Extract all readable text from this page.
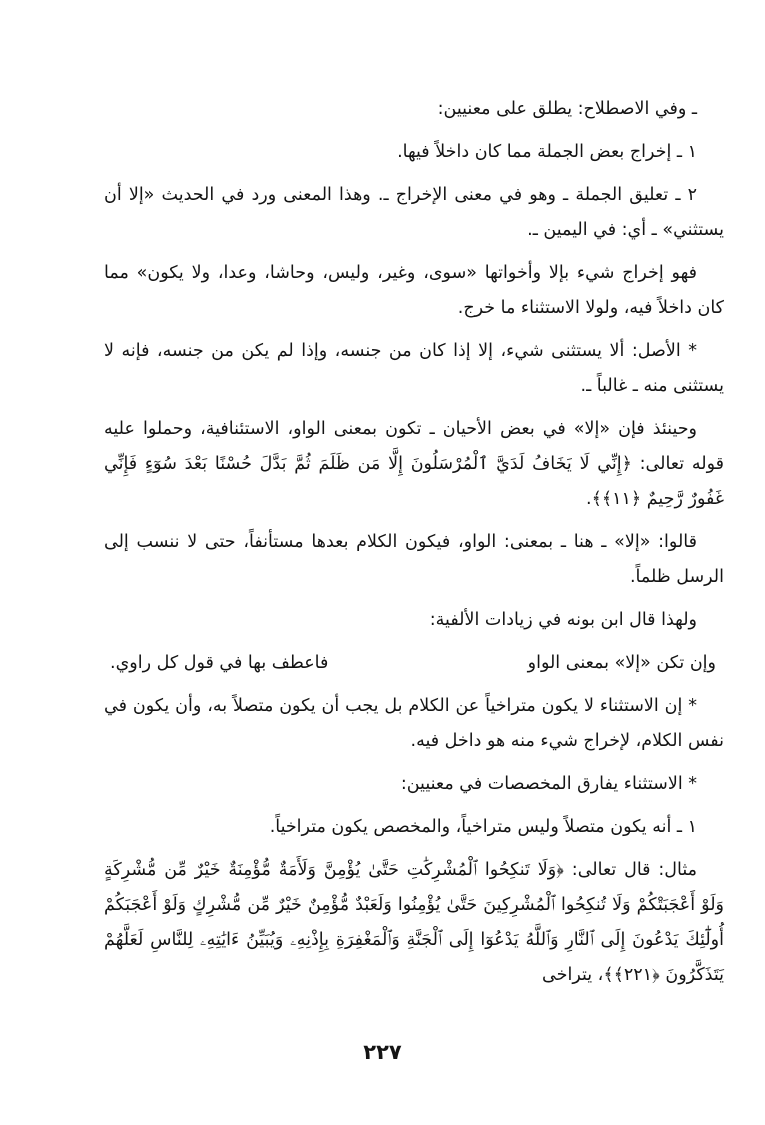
ـ وفي الاصطلاح: يطلق على معنيين:

١ ـ إخراج بعض الجملة مما كان داخلاً فيها.

٢ ـ تعليق الجملة ـ وهو في معنى الإخراج ـ. وهذا المعنى ورد في الحديث «إلا أن يستثني» ـ أي: في اليمين ـ.

فهو إخراج شيء بإلا وأخواتها «سوى، وغير، وليس، وحاشا، وعدا، ولا يكون» مما كان داخلاً فيه، ولولا الاستثناء ما خرج.

* الأصل: ألا يستثنى شيء، إلا إذا كان من جنسه، وإذا لم يكن من جنسه، فإنه لا يستثنى منه ـ غالباً ـ.

وحينئذ فإن «إلا» في بعض الأحيان ـ تكون بمعنى الواو، الاستئنافية، وحملوا عليه قوله تعالى: ﴿إِنِّي لَا يَخَافُ لَدَيَّ ٱلْمُرْسَلُونَ إِلَّا مَن ظَلَمَ ثُمَّ بَدَّلَ حُسْنًا بَعْدَ سُوٓءٍ فَإِنِّي غَفُورٌ رَّحِيمٌ ﴿١١﴾﴾.

قالوا: «إلا» ـ هنا ـ بمعنى: الواو، فيكون الكلام بعدها مستأنفاً، حتى لا ننسب إلى الرسل ظلماً.

ولهذا قال ابن بونه في زيادات الألفية:

وإن تكن «إلا» بمعنى الواو
فاعطف بها في قول كل راوي.

* إن الاستثناء لا يكون متراخياً عن الكلام بل يجب أن يكون متصلاً به، وأن يكون في نفس الكلام، لإخراج شيء منه هو داخل فيه.

* الاستثناء يفارق المخصصات في معنيين:

١ ـ أنه يكون متصلاً وليس متراخياً، والمخصص يكون متراخياً.

مثال: قال تعالى: ﴿وَلَا تَنكِحُوا ٱلْمُشْرِكَٰتِ حَتَّىٰ يُؤْمِنَّ وَلَأَمَةٌ مُّؤْمِنَةٌ خَيْرٌ مِّن مُّشْرِكَةٍ وَلَوْ أَعْجَبَتْكُمْ وَلَا تُنكِحُوا ٱلْمُشْرِكِينَ حَتَّىٰ يُؤْمِنُوا وَلَعَبْدٌ مُّؤْمِنٌ خَيْرٌ مِّن مُّشْرِكٍ وَلَوْ أَعْجَبَكُمْ أُولَٰٓئِكَ يَدْعُونَ إِلَى ٱلنَّارِ وَٱللَّهُ يَدْعُوٓا إِلَى ٱلْجَنَّةِ وَٱلْمَغْفِرَةِ بِإِذْنِهِۦ وَيُبَيِّنُ ءَايَٰتِهِۦ لِلنَّاسِ لَعَلَّهُمْ يَتَذَكَّرُونَ ﴿٢٢١﴾﴾، يتراخى

٢٢٧
